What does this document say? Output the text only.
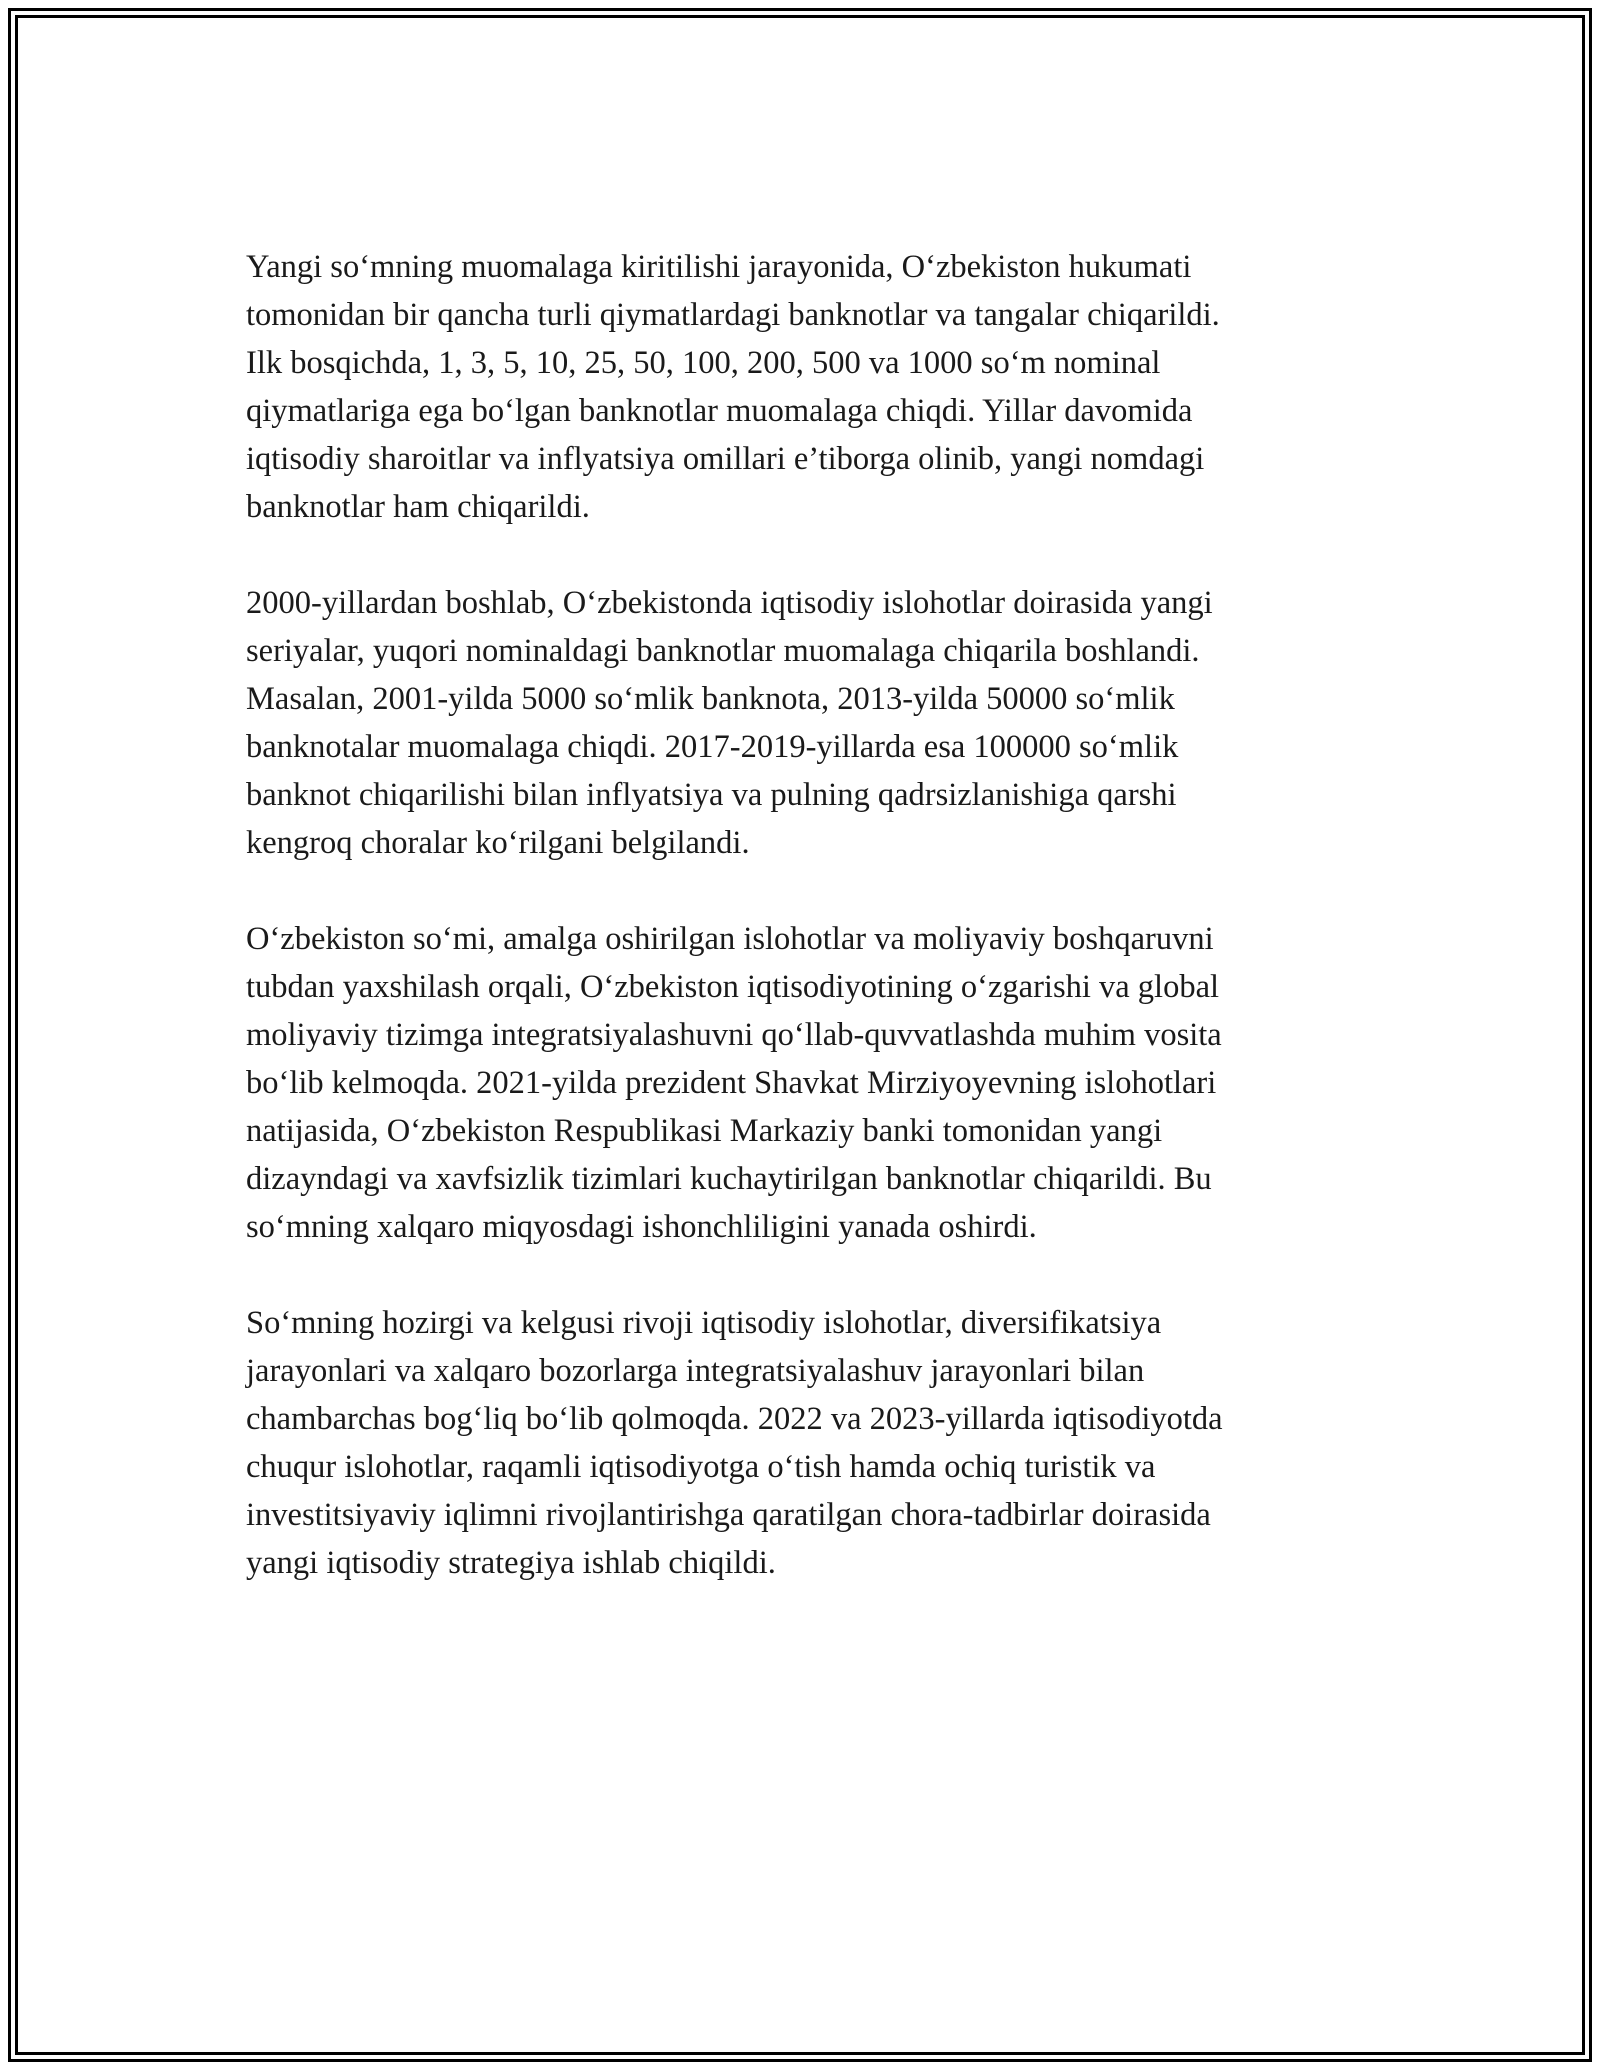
Yangi so‘mning muomalaga kiritilishi jarayonida, O‘zbekiston hukumati
tomonidan bir qancha turli qiymatlardagi banknotlar va tangalar chiqarildi.
Ilk bosqichda, 1, 3, 5, 10, 25, 50, 100, 200, 500 va 1000 so‘m nominal
qiymatlariga ega bo‘lgan banknotlar muomalaga chiqdi. Yillar davomida
iqtisodiy sharoitlar va inflyatsiya omillari e’tiborga olinib, yangi nomdagi
banknotlar ham chiqarildi.

2000-yillardan boshlab, O‘zbekistonda iqtisodiy islohotlar doirasida yangi
seriyalar, yuqori nominaldagi banknotlar muomalaga chiqarila boshlandi.
Masalan, 2001-yilda 5000 so‘mlik banknota, 2013-yilda 50000 so‘mlik
banknotalar muomalaga chiqdi. 2017-2019-yillarda esa 100000 so‘mlik
banknot chiqarilishi bilan inflyatsiya va pulning qadrsizlanishiga qarshi
kengroq choralar ko‘rilgani belgilandi.

O‘zbekiston so‘mi, amalga oshirilgan islohotlar va moliyaviy boshqaruvni
tubdan yaxshilash orqali, O‘zbekiston iqtisodiyotining o‘zgarishi va global
moliyaviy tizimga integratsiyalashuvni qo‘llab-quvvatlashda muhim vosita
bo‘lib kelmoqda. 2021-yilda prezident Shavkat Mirziyoyevning islohotlari
natijasida, O‘zbekiston Respublikasi Markaziy banki tomonidan yangi
dizayndagi va xavfsizlik tizimlari kuchaytirilgan banknotlar chiqarildi. Bu
so‘mning xalqaro miqyosdagi ishonchliligini yanada oshirdi.

So‘mning hozirgi va kelgusi rivoji iqtisodiy islohotlar, diversifikatsiya
jarayonlari va xalqaro bozorlarga integratsiyalashuv jarayonlari bilan
chambarchas bog‘liq bo‘lib qolmoqda. 2022 va 2023-yillarda iqtisodiyotda
chuqur islohotlar, raqamli iqtisodiyotga o‘tish hamda ochiq turistik va
investitsiyaviy iqlimni rivojlantirishga qaratilgan chora-tadbirlar doirasida
yangi iqtisodiy strategiya ishlab chiqildi.
